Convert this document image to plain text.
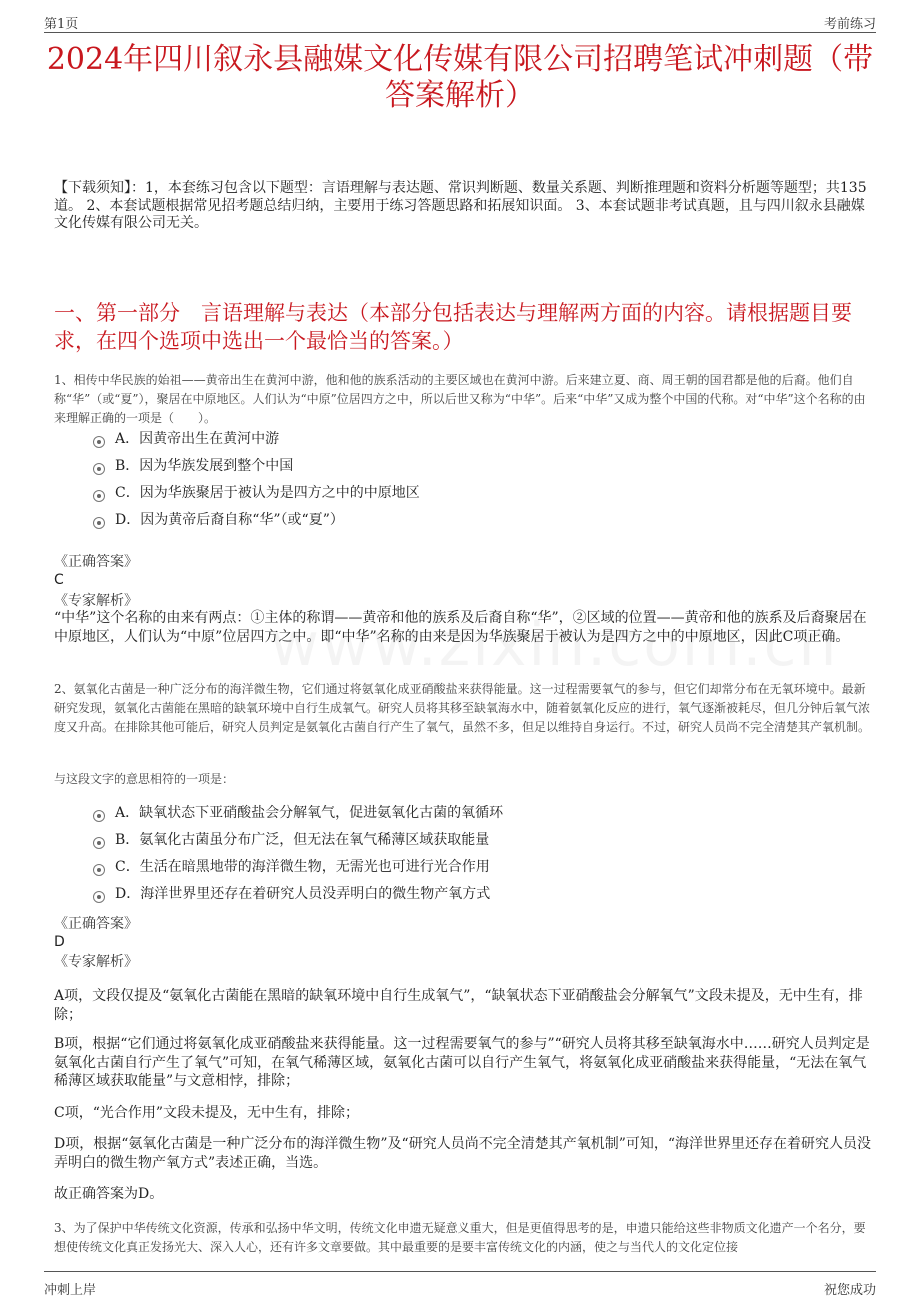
第1页	考前练习
2024年四川叙永县融媒文化传媒有限公司招聘笔试冲刺题（带答案解析）
【下载须知】：1，本套练习包含以下题型：言语理解与表达题、常识判断题、数量关系题、判断推理题和资料分析题等题型；共135道。 2、本套试题根据常见招考题总结归纳，主要用于练习答题思路和拓展知识面。 3、本套试题非考试真题，且与四川叙永县融媒文化传媒有限公司无关。
一、第一部分　言语理解与表达（本部分包括表达与理解两方面的内容。请根据题目要求，在四个选项中选出一个最恰当的答案。）
1、相传中华民族的始祖——黄帝出生在黄河中游，他和他的族系活动的主要区域也在黄河中游。后来建立夏、商、周王朝的国君都是他的后裔。他们自称“华”（或“夏”），聚居在中原地区。人们认为“中原”位居四方之中，所以后世又称为“中华”。后来“中华”又成为整个中国的代称。对“中华”这个名称的由来理解正确的一项是（　　）。
A．因黄帝出生在黄河中游
B．因为华族发展到整个中国
C．因为华族聚居于被认为是四方之中的中原地区
D．因为黄帝后裔自称“华”（或“夏”）
《正确答案》
C
《专家解析》
“中华”这个名称的由来有两点：①主体的称谓——黄帝和他的族系及后裔自称“华”，②区域的位置——黄帝和他的族系及后裔聚居在中原地区，人们认为“中原”位居四方之中。即“中华”名称的由来是因为华族聚居于被认为是四方之中的中原地区，因此C项正确。
2、氨氧化古菌是一种广泛分布的海洋微生物，它们通过将氨氧化成亚硝酸盐来获得能量。这一过程需要氧气的参与，但它们却常分布在无氧环境中。最新研究发现，氨氧化古菌能在黑暗的缺氧环境中自行生成氧气。研究人员将其移至缺氧海水中，随着氨氧化反应的进行，氧气逐渐被耗尽，但几分钟后氧气浓度又升高。在排除其他可能后，研究人员判定是氨氧化古菌自行产生了氧气，虽然不多，但足以维持自身运行。不过，研究人员尚不完全清楚其产氧机制。
与这段文字的意思相符的一项是：
A．缺氧状态下亚硝酸盐会分解氧气，促进氨氧化古菌的氧循环
B．氨氧化古菌虽分布广泛，但无法在氧气稀薄区域获取能量
C．生活在暗黑地带的海洋微生物，无需光也可进行光合作用
D．海洋世界里还存在着研究人员没弄明白的微生物产氧方式
《正确答案》
D
《专家解析》
A项，文段仅提及“氨氧化古菌能在黑暗的缺氧环境中自行生成氧气”，“缺氧状态下亚硝酸盐会分解氧气”文段未提及，无中生有，排除；
B项，根据“它们通过将氨氧化成亚硝酸盐来获得能量。这一过程需要氧气的参与”“研究人员将其移至缺氧海水中……研究人员判定是氨氧化古菌自行产生了氧气”可知，在氧气稀薄区域，氨氧化古菌可以自行产生氧气，将氨氧化成亚硝酸盐来获得能量，“无法在氧气稀薄区域获取能量”与文意相悖，排除；
C项，“光合作用”文段未提及，无中生有，排除；
D项，根据“氨氧化古菌是一种广泛分布的海洋微生物”及“研究人员尚不完全清楚其产氧机制”可知，“海洋世界里还存在着研究人员没弄明白的微生物产氧方式”表述正确，当选。
故正确答案为D。
3、为了保护中华传统文化资源，传承和弘扬中华文明，传统文化申遗无疑意义重大，但是更值得思考的是，申遗只能给这些非物质文化遗产一个名分，要想使传统文化真正发扬光大、深入人心，还有许多文章要做。其中最重要的是要丰富传统文化的内涵，使之与当代人的文化定位接
冲刺上岸	祝您成功
